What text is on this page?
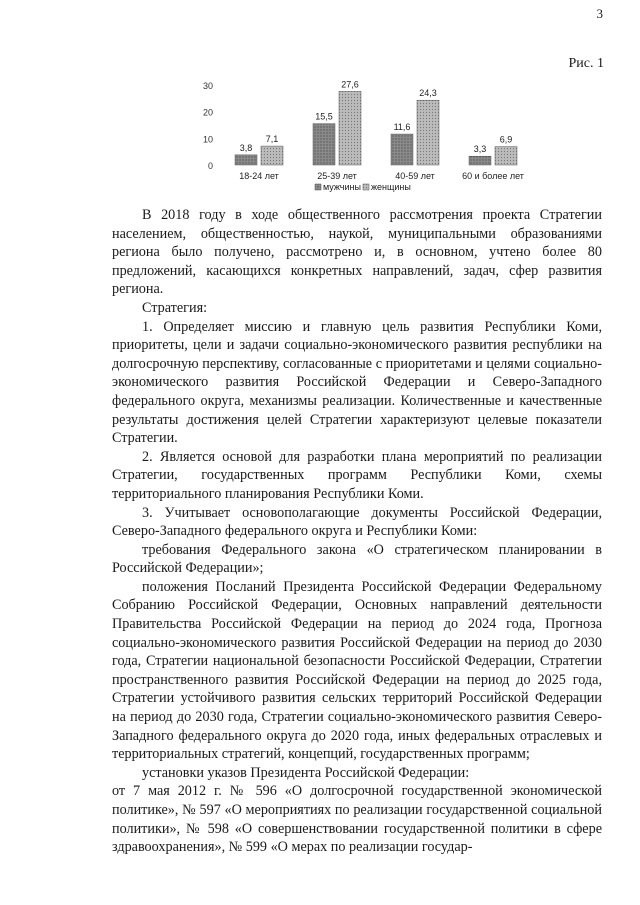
3
Рис. 1
30
20
10
0
3,8
7,1
18-24 лет
15,5
27,6
25-39 лет
11,6
24,3
40-59 лет
3,3
6,9
60 и более лет
мужчины женщины

В 2018 году в ходе общественного рассмотрения проекта Стратегии населением, общественностью, наукой, муниципальными образованиями региона было получено, рассмотрено и, в основном, учтено более 80 предложений, касающихся конкретных направлений, задач, сфер развития региона.

Стратегия:

1. Определяет миссию и главную цель развития Республики Коми, приоритеты, цели и задачи социально-экономического развития республики на долгосрочную перспективу, согласованные с приоритетами и целями социально-экономического развития Российской Федерации и Северо-Западного федерального округа, механизмы реализации. Количественные и качественные результаты достижения целей Стратегии характеризуют целевые показатели Стратегии.

2. Является основой для разработки плана мероприятий по реализации Стратегии, государственных программ Республики Коми, схемы территориального планирования Республики Коми.

3. Учитывает основополагающие документы Российской Федерации, Северо-Западного федерального округа и Республики Коми:

требования Федерального закона «О стратегическом планировании в Российской Федерации»;

положения Посланий Президента Российской Федерации Федеральному Собранию Российской Федерации, Основных направлений деятельности Правительства Российской Федерации на период до 2024 года, Прогноза социально-экономического развития Российской Федерации на период до 2030 года, Стратегии национальной безопасности Российской Федерации, Стратегии пространственного развития Российской Федерации на период до 2025 года, Стратегии устойчивого развития сельских территорий Российской Федерации на период до 2030 года, Стратегии социально-экономического развития Северо-Западного федерального округа до 2020 года, иных федеральных отраслевых и территориальных стратегий, концепций, государственных программ;

установки указов Президента Российской Федерации:

от 7 мая 2012 г. № 596 «О долгосрочной государственной экономической политике», № 597 «О мероприятиях по реализации государственной социальной политики», № 598 «О совершенствовании государственной политики в сфере здравоохранения», № 599 «О мерах по реализации государ-
